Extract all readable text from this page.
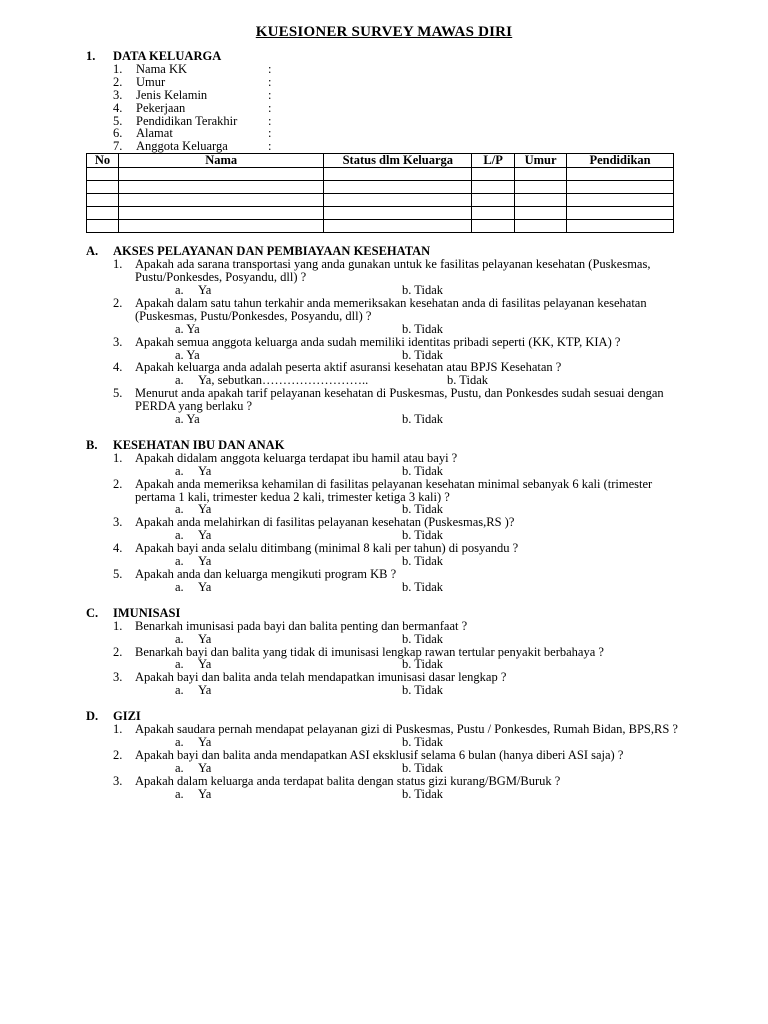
KUESIONER SURVEY MAWAS DIRI
1.	DATA KELUARGA
1.	Nama KK	:
2.	Umur	:
3.	Jenis Kelamin	:
4.	Pekerjaan	:
5.	Pendidikan Terakhir	:
6.	Alamat	:
7.	Anggota Keluarga	:
No	Nama	Status dlm Keluarga	L/P	Umur	Pendidikan

A.	AKSES PELAYANAN DAN PEMBIAYAAN KESEHATAN
1.	Apakah ada sarana transportasi yang anda gunakan untuk ke fasilitas pelayanan kesehatan (Puskesmas, Pustu/Ponkesdes, Posyandu, dll) ?
a. Ya	b. Tidak
2.	Apakah dalam satu tahun terkahir anda memeriksakan kesehatan anda di fasilitas pelayanan kesehatan (Puskesmas, Pustu/Ponkesdes, Posyandu, dll) ?
a. Ya	b. Tidak
3.	Apakah semua anggota keluarga anda sudah memiliki identitas pribadi seperti (KK, KTP, KIA) ?
a. Ya	b. Tidak
4.	Apakah keluarga anda adalah peserta aktif asuransi kesehatan atau BPJS Kesehatan ?
a. Ya, sebutkan……………………..	b. Tidak
5.	Menurut anda apakah tarif pelayanan kesehatan di Puskesmas, Pustu, dan Ponkesdes sudah sesuai dengan PERDA yang berlaku ?
a. Ya	b. Tidak
B.	KESEHATAN IBU DAN ANAK
1.	Apakah didalam anggota keluarga terdapat ibu hamil atau bayi ?
a. Ya	b. Tidak
2.	Apakah anda memeriksa kehamilan di fasilitas pelayanan kesehatan minimal sebanyak 6 kali (trimester pertama 1 kali, trimester kedua 2 kali, trimester ketiga 3 kali) ?
a. Ya	b. Tidak
3.	Apakah anda melahirkan di fasilitas pelayanan kesehatan (Puskesmas,RS )?
a. Ya	b. Tidak
4.	Apakah bayi anda selalu ditimbang (minimal 8 kali per tahun) di posyandu ?
a. Ya	b. Tidak
5.	Apakah anda dan keluarga mengikuti program KB ?
a. Ya	b. Tidak
C.	IMUNISASI
1.	Benarkah imunisasi pada bayi dan balita penting dan bermanfaat ?
a. Ya	b. Tidak
2.	Benarkah bayi dan balita yang tidak di imunisasi lengkap rawan tertular penyakit berbahaya ?
a. Ya	b. Tidak
3.	Apakah bayi dan balita anda telah mendapatkan imunisasi dasar lengkap ?
a. Ya	b. Tidak
D.	GIZI
1.	Apakah saudara pernah mendapat pelayanan gizi di Puskesmas, Pustu / Ponkesdes, Rumah Bidan, BPS,RS ?
a. Ya	b. Tidak
2.	Apakah bayi dan balita anda mendapatkan ASI eksklusif selama 6 bulan (hanya diberi ASI saja) ?
a. Ya	b. Tidak
3.	Apakah dalam keluarga anda terdapat balita dengan status gizi kurang/BGM/Buruk ?
a. Ya	b. Tidak
